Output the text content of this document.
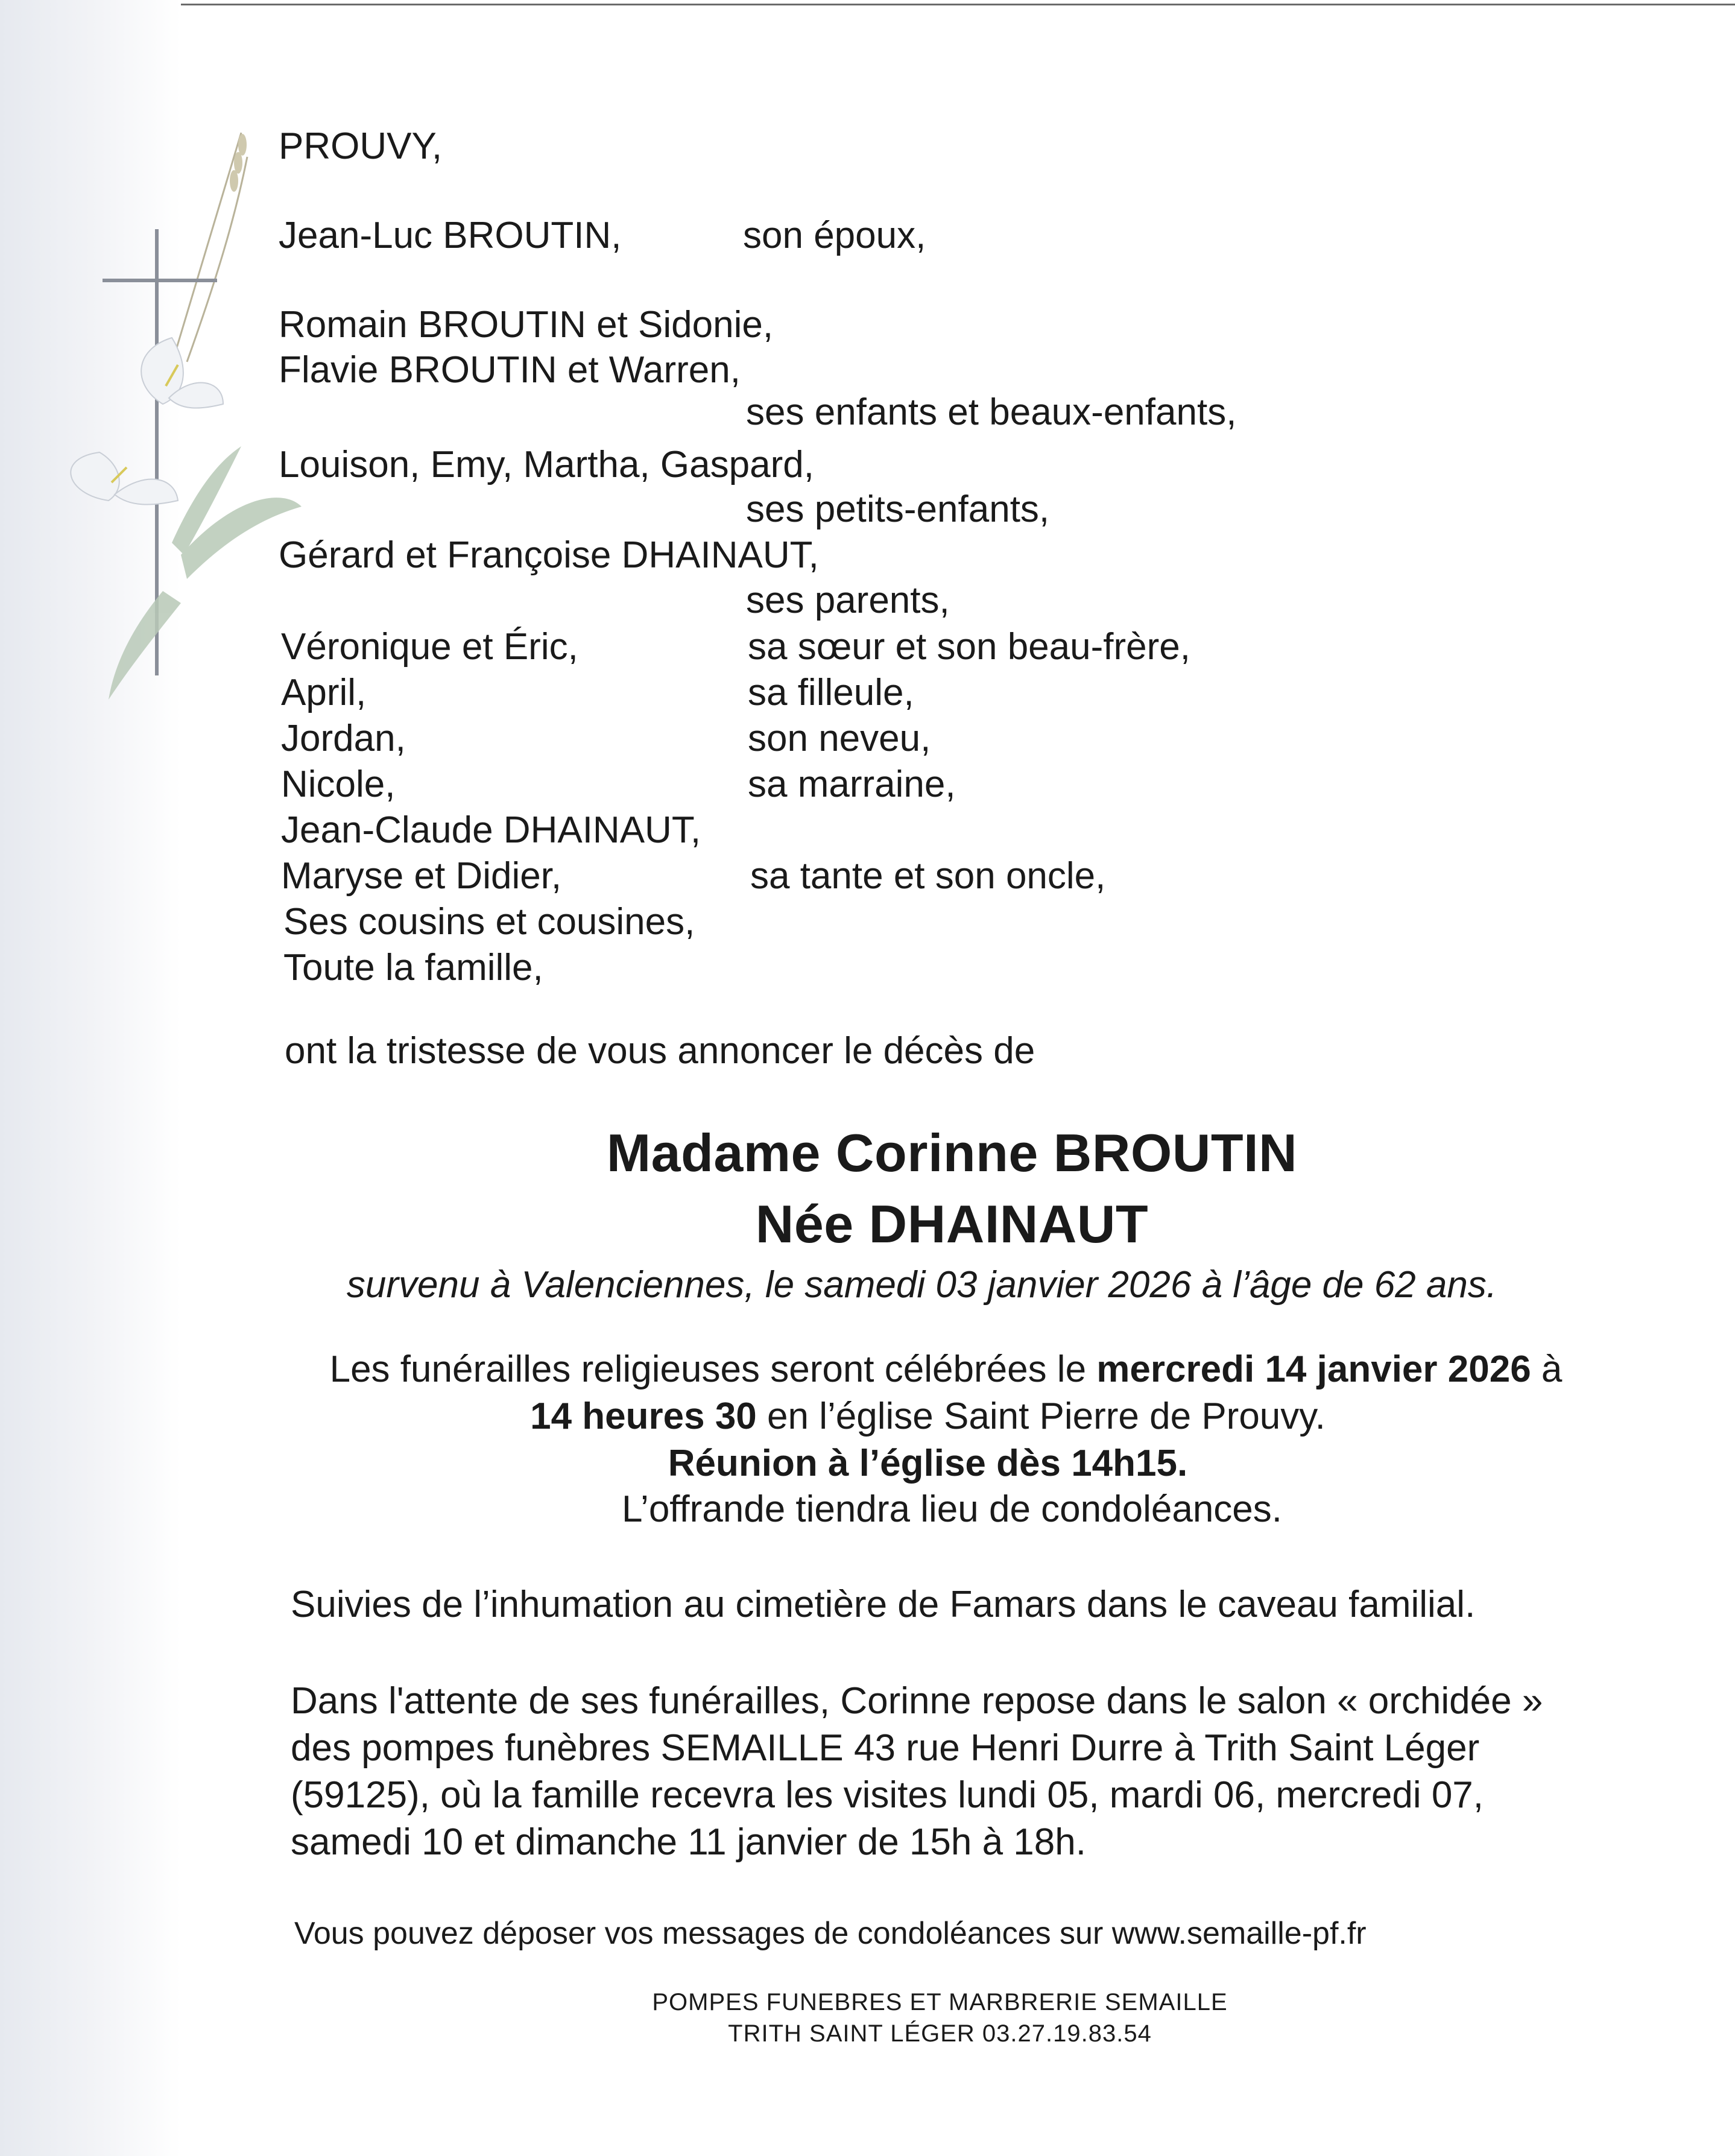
PROUVY,
Jean-Luc BROUTIN,	son époux,
Romain BROUTIN et Sidonie,
Flavie BROUTIN et Warren,
ses enfants et beaux-enfants,
Louison, Emy, Martha, Gaspard,
ses petits-enfants,
Gérard et Françoise DHAINAUT,
ses parents,
Véronique et Éric,	sa sœur et son beau-frère,
April,	sa filleule,
Jordan,	son neveu,
Nicole,	sa marraine,
Jean-Claude DHAINAUT,
Maryse et Didier,	sa tante et son oncle,
Ses cousins et cousines,
Toute la famille,
ont la tristesse de vous annoncer le décès de
Madame Corinne BROUTIN
Née DHAINAUT
survenu à Valenciennes, le samedi 03 janvier 2026 à l’âge de 62 ans.
Les funérailles religieuses seront célébrées le mercredi 14 janvier 2026 à
14 heures 30 en l’église Saint Pierre de Prouvy.
Réunion à l’église dès 14h15.
L’offrande tiendra lieu de condoléances.
Suivies de l’inhumation au cimetière de Famars dans le caveau familial.
Dans l'attente de ses funérailles, Corinne repose dans le salon « orchidée »
des pompes funèbres SEMAILLE 43 rue Henri Durre à Trith Saint Léger
(59125), où la famille recevra les visites lundi 05, mardi 06, mercredi 07,
samedi 10 et dimanche 11 janvier de 15h à 18h.
Vous pouvez déposer vos messages de condoléances sur www.semaille-pf.fr
POMPES FUNEBRES ET MARBRERIE SEMAILLE
TRITH SAINT LÉGER 03.27.19.83.54
